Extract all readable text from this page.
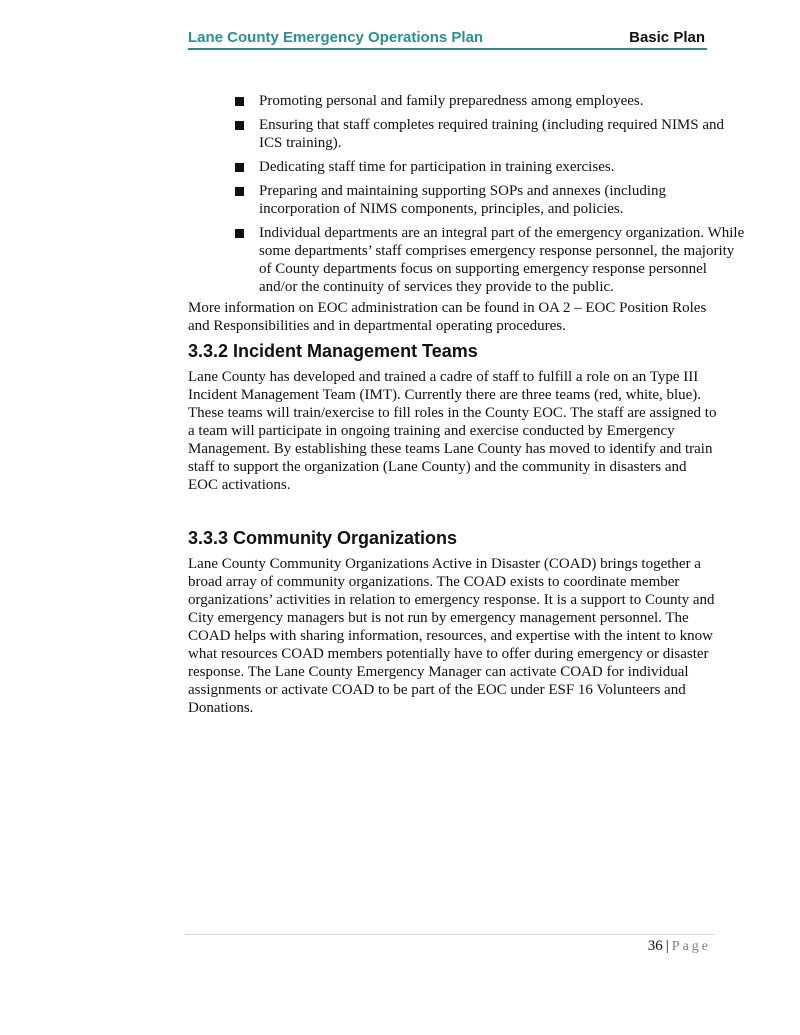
Lane County Emergency Operations Plan	Basic Plan
Promoting personal and family preparedness among employees.
Ensuring that staff completes required training (including required NIMS and ICS training).
Dedicating staff time for participation in training exercises.
Preparing and maintaining supporting SOPs and annexes (including incorporation of NIMS components, principles, and policies.
Individual departments are an integral part of the emergency organization. While some departments’ staff comprises emergency response personnel, the majority of County departments focus on supporting emergency response personnel and/or the continuity of services they provide to the public.

More information on EOC administration can be found in OA 2 – EOC Position Roles and Responsibilities and in departmental operating procedures.

3.3.2 Incident Management Teams

Lane County has developed and trained a cadre of staff to fulfill a role on an Type III Incident Management Team (IMT). Currently there are three teams (red, white, blue). These teams will train/exercise to fill roles in the County EOC. The staff are assigned to a team will participate in ongoing training and exercise conducted by Emergency Management. By establishing these teams Lane County has moved to identify and train staff to support the organization (Lane County) and the community in disasters and EOC activations.

3.3.3 Community Organizations

Lane County Community Organizations Active in Disaster (COAD) brings together a broad array of community organizations. The COAD exists to coordinate member organizations’ activities in relation to emergency response. It is a support to County and City emergency managers but is not run by emergency management personnel. The COAD helps with sharing information, resources, and expertise with the intent to know what resources COAD members potentially have to offer during emergency or disaster response. The Lane County Emergency Manager can activate COAD for individual assignments or activate COAD to be part of the EOC under ESF 16 Volunteers and Donations.

36 | Page
